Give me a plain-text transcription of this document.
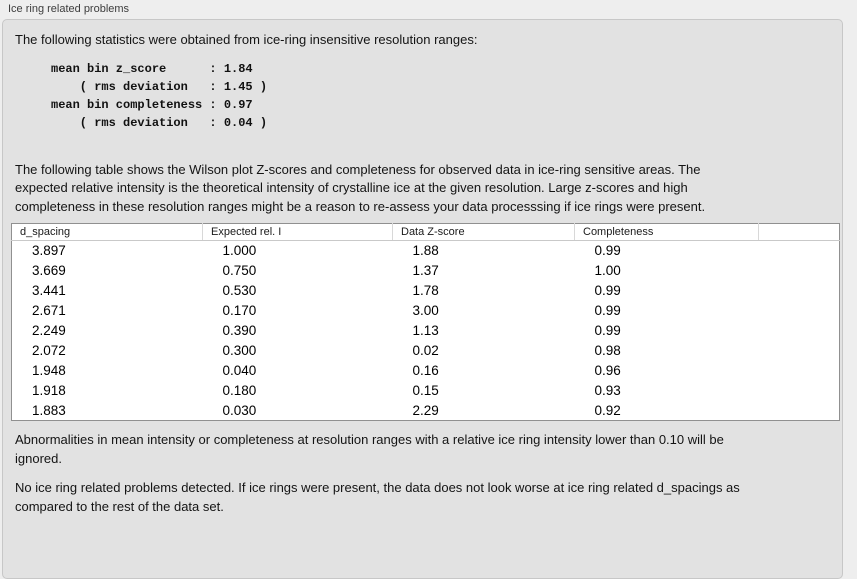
Ice ring related problems

The following statistics were obtained from ice-ring insensitive resolution ranges:

mean bin z_score      : 1.84
( rms deviation   : 1.45 )
mean bin completeness : 0.97
( rms deviation   : 0.04 )

The following table shows the Wilson plot Z-scores and completeness for observed data in ice-ring sensitive areas. The expected relative intensity is the theoretical intensity of crystalline ice at the given resolution. Large z-scores and high completeness in these resolution ranges might be a reason to re-assess your data processsing if ice rings were present.

d_spacing	Expected rel. I	Data Z-score	Completeness	
3.897	1.000	1.88	0.99	
3.669	0.750	1.37	1.00	
3.441	0.530	1.78	0.99	
2.671	0.170	3.00	0.99	
2.249	0.390	1.13	0.99	
2.072	0.300	0.02	0.98	
1.948	0.040	0.16	0.96	
1.918	0.180	0.15	0.93	
1.883	0.030	2.29	0.92	

Abnormalities in mean intensity or completeness at resolution ranges with a relative ice ring intensity lower than 0.10 will be ignored.

No ice ring related problems detected. If ice rings were present, the data does not look worse at ice ring related d_spacings as compared to the rest of the data set.
